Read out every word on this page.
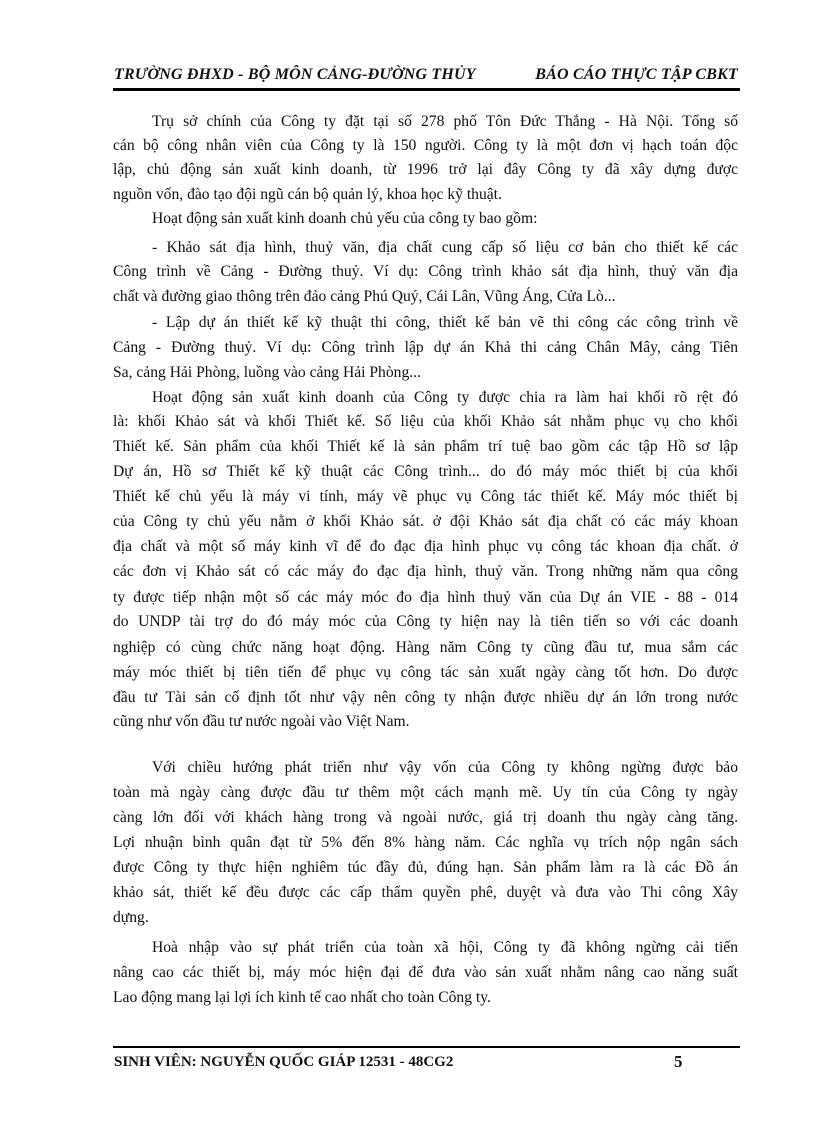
TRƯỜNG ĐHXD - BỘ MÔN CẢNG-ĐƯỜNG THỦY	BÁO CÁO THỰC TẬP CBKT
Trụ sở chính của Công ty đặt tại số 278 phố Tôn Đức Thắng - Hà Nội. Tổng số
cán bộ công nhân viên của Công ty là 150 người. Công ty là một đơn vị hạch toán độc
lập, chủ động sản xuất kinh doanh, từ 1996 trở lại đây Công ty đã xây dựng được
nguồn vốn, đào tạo đội ngũ cán bộ quản lý, khoa học kỹ thuật.
Hoạt động sản xuất kinh doanh chủ yếu của công ty bao gồm:
- Khảo sát địa hình, thuỷ văn, địa chất cung cấp số liệu cơ bản cho thiết kế các
Công trình về Cảng - Đường thuỷ. Ví dụ: Công trình khảo sát địa hình, thuỷ văn địa
chất và đường giao thông trên đảo cảng Phú Quý, Cái Lân, Vũng Áng, Cửa Lò...
- Lập dự án thiết kế kỹ thuật thi công, thiết kế bản vẽ thi công các công trình về
Cảng - Đường thuỷ. Ví dụ: Công trình lập dự án Khả thi cảng Chân Mây, cảng Tiên
Sa, cảng Hải Phòng, luồng vào cảng Hải Phòng...
Hoạt động sản xuất kinh doanh của Công ty được chia ra làm hai khối rõ rệt đó
là: khối Khảo sát và khối Thiết kế. Số liệu của khối Khảo sát nhằm phục vụ cho khối
Thiết kế. Sản phẩm của khối Thiết kế là sản phẩm trí tuệ bao gồm các tập Hồ sơ lập
Dự án, Hồ sơ Thiết kế kỹ thuật các Công trình... do đó máy móc thiết bị của khối
Thiết kế chủ yếu là máy vi tính, máy vẽ phục vụ Công tác thiết kế. Máy móc thiết bị
của Công ty chủ yếu nằm ở khối Khảo sát. ở đội Khảo sát địa chất có các máy khoan
địa chất và một số máy kinh vĩ để đo đạc địa hình phục vụ công tác khoan địa chất. ở
các đơn vị Khảo sát có các máy đo đạc địa hình, thuỷ văn. Trong những năm qua công
ty được tiếp nhận một số các máy móc đo địa hình thuỷ văn của Dự án VIE - 88 - 014
do UNDP tài trợ do đó máy móc của Công ty hiện nay là tiên tiến so với các doanh
nghiệp có cùng chức năng hoạt động. Hàng năm Công ty cũng đầu tư, mua sắm các
máy móc thiết bị tiên tiến để phục vụ công tác sản xuất ngày càng tốt hơn. Do được
đầu tư Tài sản cố định tốt như vậy nên công ty nhận được nhiều dự án lớn trong nước
cũng như vốn đầu tư nước ngoài vào Việt Nam.
Với chiều hướng phát triển như vậy vốn của Công ty không ngừng được bảo
toàn mà ngày càng được đầu tư thêm một cách mạnh mẽ. Uy tín của Công ty ngày
càng lớn đối với khách hàng trong và ngoài nước, giá trị doanh thu ngày càng tăng.
Lợi nhuận bình quân đạt từ 5% đến 8% hàng năm. Các nghĩa vụ trích nộp ngân sách
được Công ty thực hiện nghiêm túc đầy đủ, đúng hạn. Sản phẩm làm ra là các Đồ án
khảo sát, thiết kế đều được các cấp thẩm quyền phê, duyệt và đưa vào Thi công Xây
dựng.
Hoà nhập vào sự phát triển của toàn xã hội, Công ty đã không ngừng cải tiến
nâng cao các thiết bị, máy móc hiện đại để đưa vào sản xuất nhằm nâng cao năng suất
Lao động mang lại lợi ích kinh tế cao nhất cho toàn Công ty.
SINH VIÊN: NGUYỄN QUỐC GIÁP 12531 - 48CG2	5
